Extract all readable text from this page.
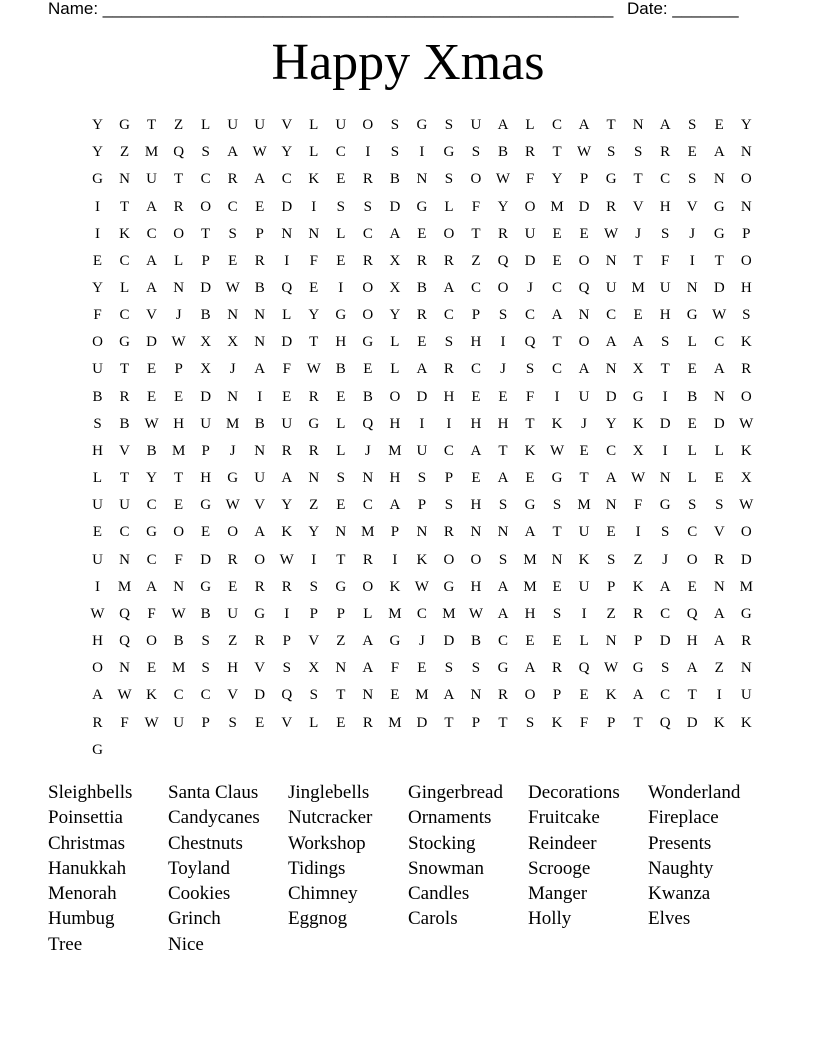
Name: ______________________________________________________ Date: _______
Happy Xmas
Y	G	T	Z	L	U	U	V	L	U	O	S	G	S	U	A	L	C	A	T	N	A	S	E	Y
Y	Z	M Q	S	A W Y	L	C	I	S	I	G	S	B	R	T	W	S	S	R	E	A	N
G	N	U	T	C	R	A	C	K	E	R	B	N	S	O W	F	Y	P	G	T	C	S	N	O
I	T	A	R	O	C	E	D	I	S	S	D	G	L	F	Y	O M D	R	V	H	V	G	N
I	K	C	O	T	S	P	N	N	L	C	A	E	O	T	R	U	E	E	W	J	S	J	G	P
E	C	A	L	P	E	R	I	F	E	R	X	R	R	Z	Q	D	E	O	N	T	F	I	T	O
Y	L	A	N	D W B	Q	E	I	O	X	B	A	C	O	J	C	Q	U M U	N	D	H
F	C	V	J	B	N	N	L	Y	G	O	Y	R	C	P	S	C	A	N	C	E	H	G W	S
O	G	D W X	X	N	D	T	H	G	L	E	S	H	I	Q	T	O	A	A	S	L	C	K
U	T	E	P	X	J	A	F	W B	E	L	A	R	C	J	S	C	A	N	X	T	E	A	R
B	R	E	E	D	N	I	E	R	E	B	O	D	H	E	E	F	I	U	D	G	I	B	N	O
S	B W H	U M	B	U	G	L	Q	H	I	I	H	H	T	K	J	Y	K	D	E	D W
H	V	B	M	P	J	N	R	R	L	J	M U	C	A	T	K W	E	C	X	I	L	L	K
L	T	Y	T	H	G	U	A	N	S	N	H	S	P	E	A	E	G	T	A W N	L	E	X
U	U	C	E	G W V	Y	Z	E	C	A	P	S	H	S	G	S	M N	F	G	S	S	W
E	C	G	O	E	O	A	K	Y	N M	P	N	R	N	N	A	T	U	E	I	S	C	V	O
U	N	C	F	D	R	O W	I	T	R	I	K	O	O	S	M N	K	S	Z	J	O	R	D
I	M A	N	G	E	R	R	S	G	O	K W G	H	A M	E	U	P	K	A	E	N M
W Q	F	W B	U	G	I	P	P	L	M	C	M W A	H	S	I	Z	R	C	Q	A	G
H	Q	O	B	S	Z	R	P	V	Z	A	G	J	D	B	C	E	E	L	N	P	D	H	A	R
O	N	E	M	S	H	V	S	X	N	A	F	E	S	S	G	A	R	Q W G	S	A	Z	N
A W K	C	C	V	D	Q	S	T	N	E	M A	N	R	O	P	E	K	A	C	T	I	U
R	F	W U	P	S	E	V	L	E	R	M D	T	P	T	S	K	F	P	T	Q	D	K	K
G
Sleighbells	Santa Claus	Jinglebells	Gingerbread	Decorations	Wonderland
Poinsettia	Candycanes	Nutcracker	Ornaments	Fruitcake	Fireplace
Christmas	Chestnuts	Workshop	Stocking	Reindeer	Presents
Hanukkah	Toyland	Tidings	Snowman	Scrooge	Naughty
Menorah	Cookies	Chimney	Candles	Manger	Kwanza
Humbug	Grinch	Eggnog	Carols	Holly	Elves
Tree	Nice
